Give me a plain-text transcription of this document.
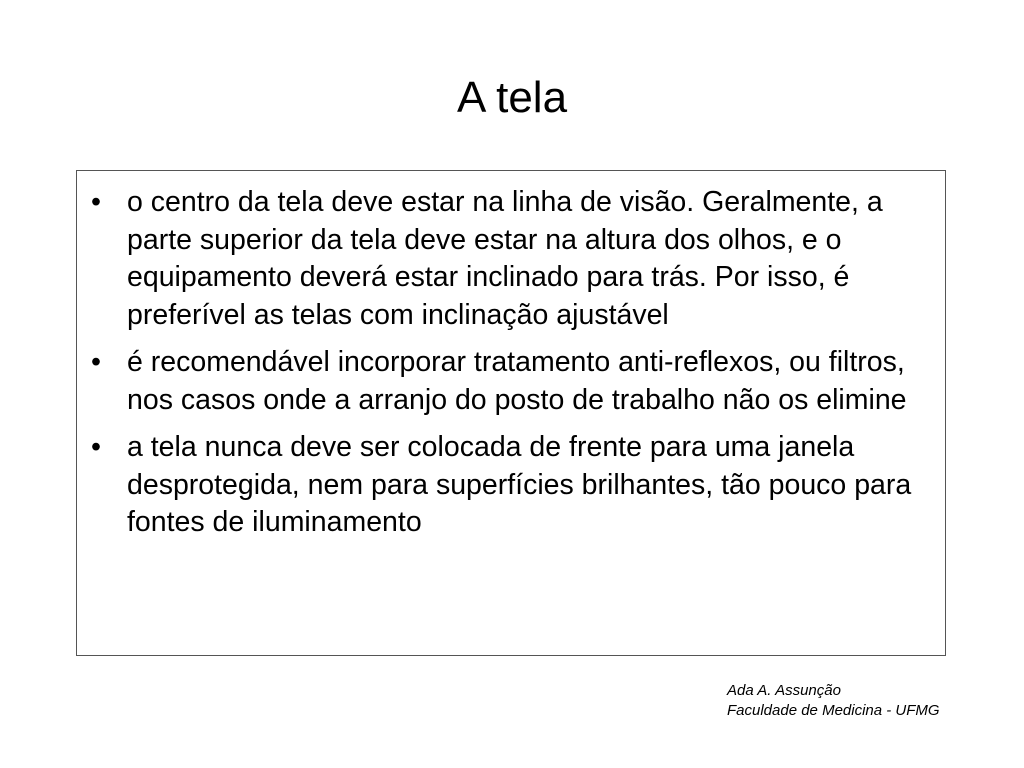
A tela
• o centro da tela deve estar na linha de visão. Geralmente, a parte superior da tela deve estar na altura dos olhos, e o equipamento deverá estar inclinado para trás. Por isso, é preferível as telas com inclinação ajustável
• é recomendável incorporar tratamento anti-reflexos, ou filtros, nos casos onde a arranjo do posto de trabalho não os elimine
• a tela nunca deve ser colocada de frente para uma janela desprotegida, nem para superfícies brilhantes, tão pouco para fontes de iluminamento
Ada A. Assunção
Faculdade de Medicina - UFMG
